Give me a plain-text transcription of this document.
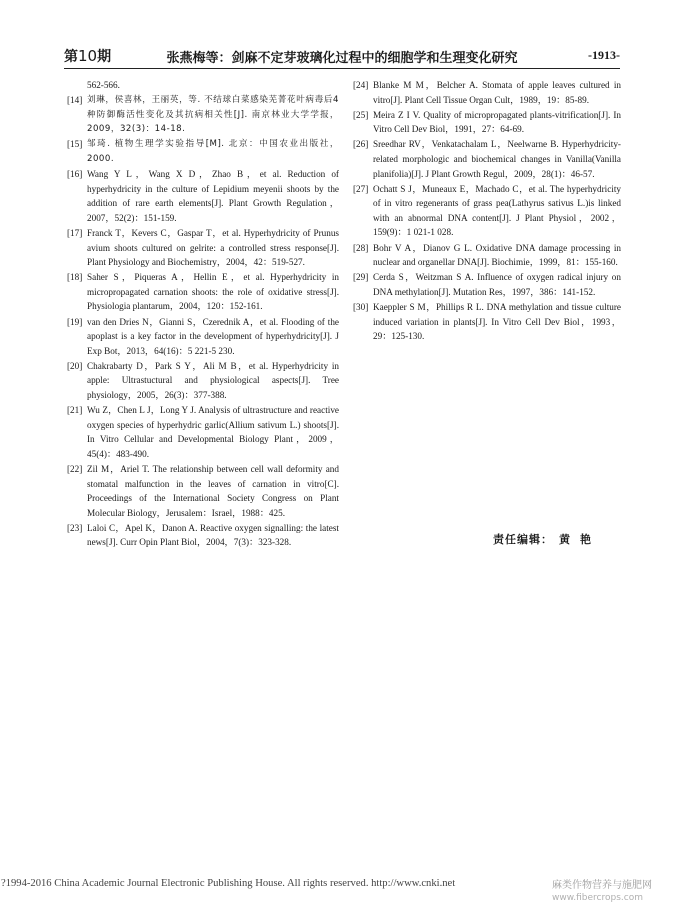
第10期	张燕梅等：剑麻不定芽玻璃化过程中的细胞学和生理变化研究	-1913-
562-566.
[14] 刘琳，侯喜林，王丽英，等. 不结球白菜感染芜菁花叶病毒后4种防御酶活性变化及其抗病相关性[J]. 南京林业大学学报，2009，32(3)：14-18.
[15] 邹琦. 植物生理学实验指导[M]. 北京：中国农业出版社，2000.
[16] Wang Y L，Wang X D，Zhao B，et al. Reduction of hyperhydricity in the culture of Lepidium meyenii shoots by the addition of rare earth elements[J]. Plant Growth Regulation，2007，52(2)：151-159.
[17] Franck T，Kevers C，Gaspar T，et al. Hyperhydricity of Prunus avium shoots cultured on gelrite: a controlled stress response[J]. Plant Physiology and Biochemistry，2004，42：519-527.
[18] Saher S，Piqueras A，Hellin E，et al. Hyperhydricity in micropropagated carnation shoots: the role of oxidative stress[J]. Physiologia plantarum，2004，120：152-161.
[19] van den Dries N，Gianni S，Czerednik A，et al. Flooding of the apoplast is a key factor in the development of hyperhydricity[J]. J Exp Bot，2013，64(16)：5 221-5 230.
[20] Chakrabarty D，Park S Y，Ali M B，et al. Hyperhydricity in apple: Ultrastuctural and physiological aspects[J]. Tree physiology，2005，26(3)：377-388.
[21] Wu Z，Chen L J，Long Y J. Analysis of ultrastructure and reactive oxygen species of hyperhydric garlic(Allium sativum L.) shoots[J]. In Vitro Cellular and Developmental Biology Plant，2009，45(4)：483-490.
[22] Zil M，Ariel T. The relationship between cell wall deformity and stomatal malfunction in the leaves of carnation in vitro[C]. Proceedings of the International Society Congress on Plant Molecular Biology，Jerusalem：Israel，1988：425.
[23] Laloi C，Apel K，Danon A. Reactive oxygen signalling: the latest news[J]. Curr Opin Plant Biol，2004，7(3)：323-328.
[24] Blanke M M，Belcher A. Stomata of apple leaves cultured in vitro[J]. Plant Cell Tissue Organ Cult，1989，19：85-89.
[25] Meira Z I V. Quality of micropropagated plants-vitrification[J]. In Vitro Cell Dev Biol，1991，27：64-69.
[26] Sreedhar RV，Venkatachalam L，Neelwarne B. Hyperhydricity-related morphologic and biochemical changes in Vanilla(Vanilla planifolia)[J]. J Plant Growth Regul，2009，28(1)：46-57.
[27] Ochatt S J，Muneaux E，Machado C，et al. The hyperhydricity of in vitro regenerants of grass pea(Lathyrus sativus L.)is linked with an abnormal DNA content[J]. J Plant Physiol，2002，159(9)：1 021-1 028.
[28] Bohr V A，Dianov G L. Oxidative DNA damage processing in nuclear and organellar DNA[J]. Biochimie，1999，81：155-160.
[29] Cerda S，Weitzman S A. Influence of oxygen radical injury on DNA methylation[J]. Mutation Res，1997，386：141-152.
[30] Kaeppler S M，Phillips R L. DNA methylation and tissue culture induced variation in plants[J]. In Vitro Cell Dev Biol，1993，29：125-130.
责任编辑： 黄艳
?1994-2016 China Academic Journal Electronic Publishing House. All rights reserved. http://www.cnki.net	麻类作物营养与施肥网
www.fibercrops.com
